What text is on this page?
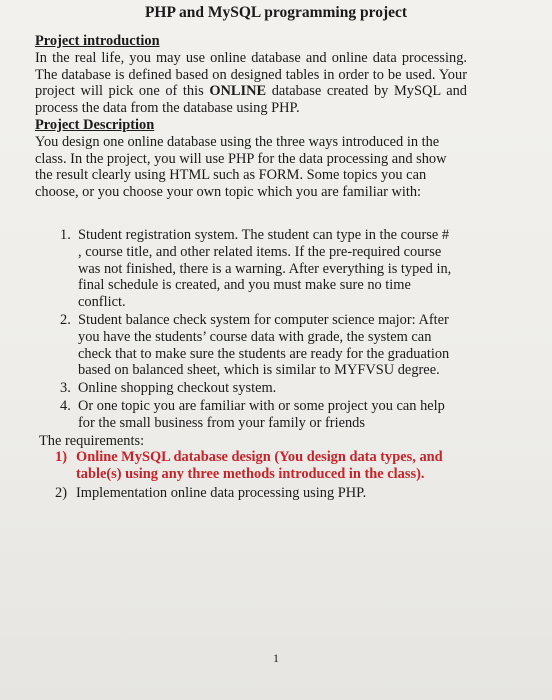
PHP and MySQL programming project

Project introduction

In the real life, you may use online database and online data processing. The database is defined based on designed tables in order to be used. Your project will pick one of this ONLINE database created by MySQL and process the data from the database using PHP.

Project Description

You design one online database using the three ways introduced in the class. In the project, you will use PHP for the data processing and show the result clearly using HTML such as FORM. Some topics you can choose, or you choose your own topic which you are familiar with:

1. Student registration system. The student can type in the course # , course title, and other related items. If the pre-required course was not finished, there is a warning. After everything is typed in, final schedule is created, and you must make sure no time conflict.
2. Student balance check system for computer science major: After you have the students’ course data with grade, the system can check that to make sure the students are ready for the graduation based on balanced sheet, which is similar to MYFVSU degree.
3. Online shopping checkout system.
4. Or one topic you are familiar with or some project you can help for the small business from your family or friends

The requirements:

1) Online MySQL database design (You design data types, and table(s) using any three methods introduced in the class).
2) Implementation online data processing using PHP.
1
